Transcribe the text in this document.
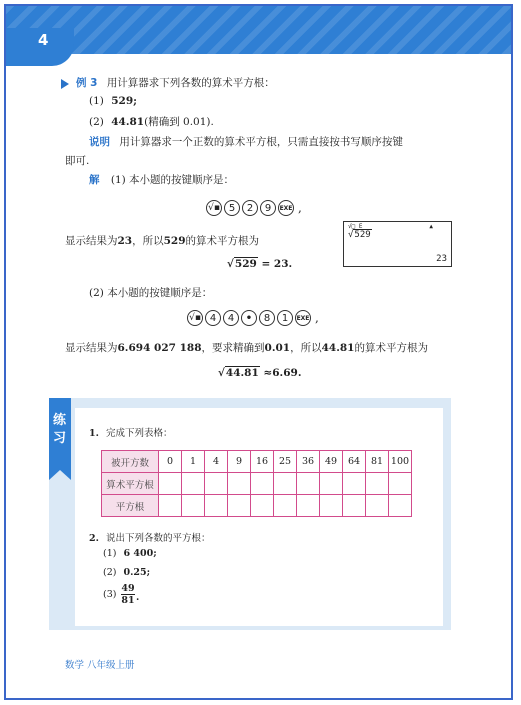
4
例 3 用计算器求下列各数的算术平方根：
(1) 529;
(2) 44.81(精确到 0.01).
说明 用计算器求一个正数的算术平方根，只需直接按书写顺序按键
即可.
解 (1) 本小题的按键顺序是：
√▪ 5	2	9	EXE ,
显示结果为23，所以529的算术平方根为
√□ E	▲
√529
23
√529 = 23.
(2) 本小题的按键顺序是：
√▪ 4	4	•	8	1	EXE ,
显示结果为6.694 027 188，要求精确到0.01，所以44.81的算术平方根为
√44.81 ≈6.69.
练习 1. 完成下列表格：
被开方数	0	1	4	9	16	25	36	49	64	81	100
算术平方根											
平方根											
2. 说出下列各数的平方根：
(1) 6 400;
(2) 0.25;
$(3) \frac{49}{81}$ .
数学 八年级上册
